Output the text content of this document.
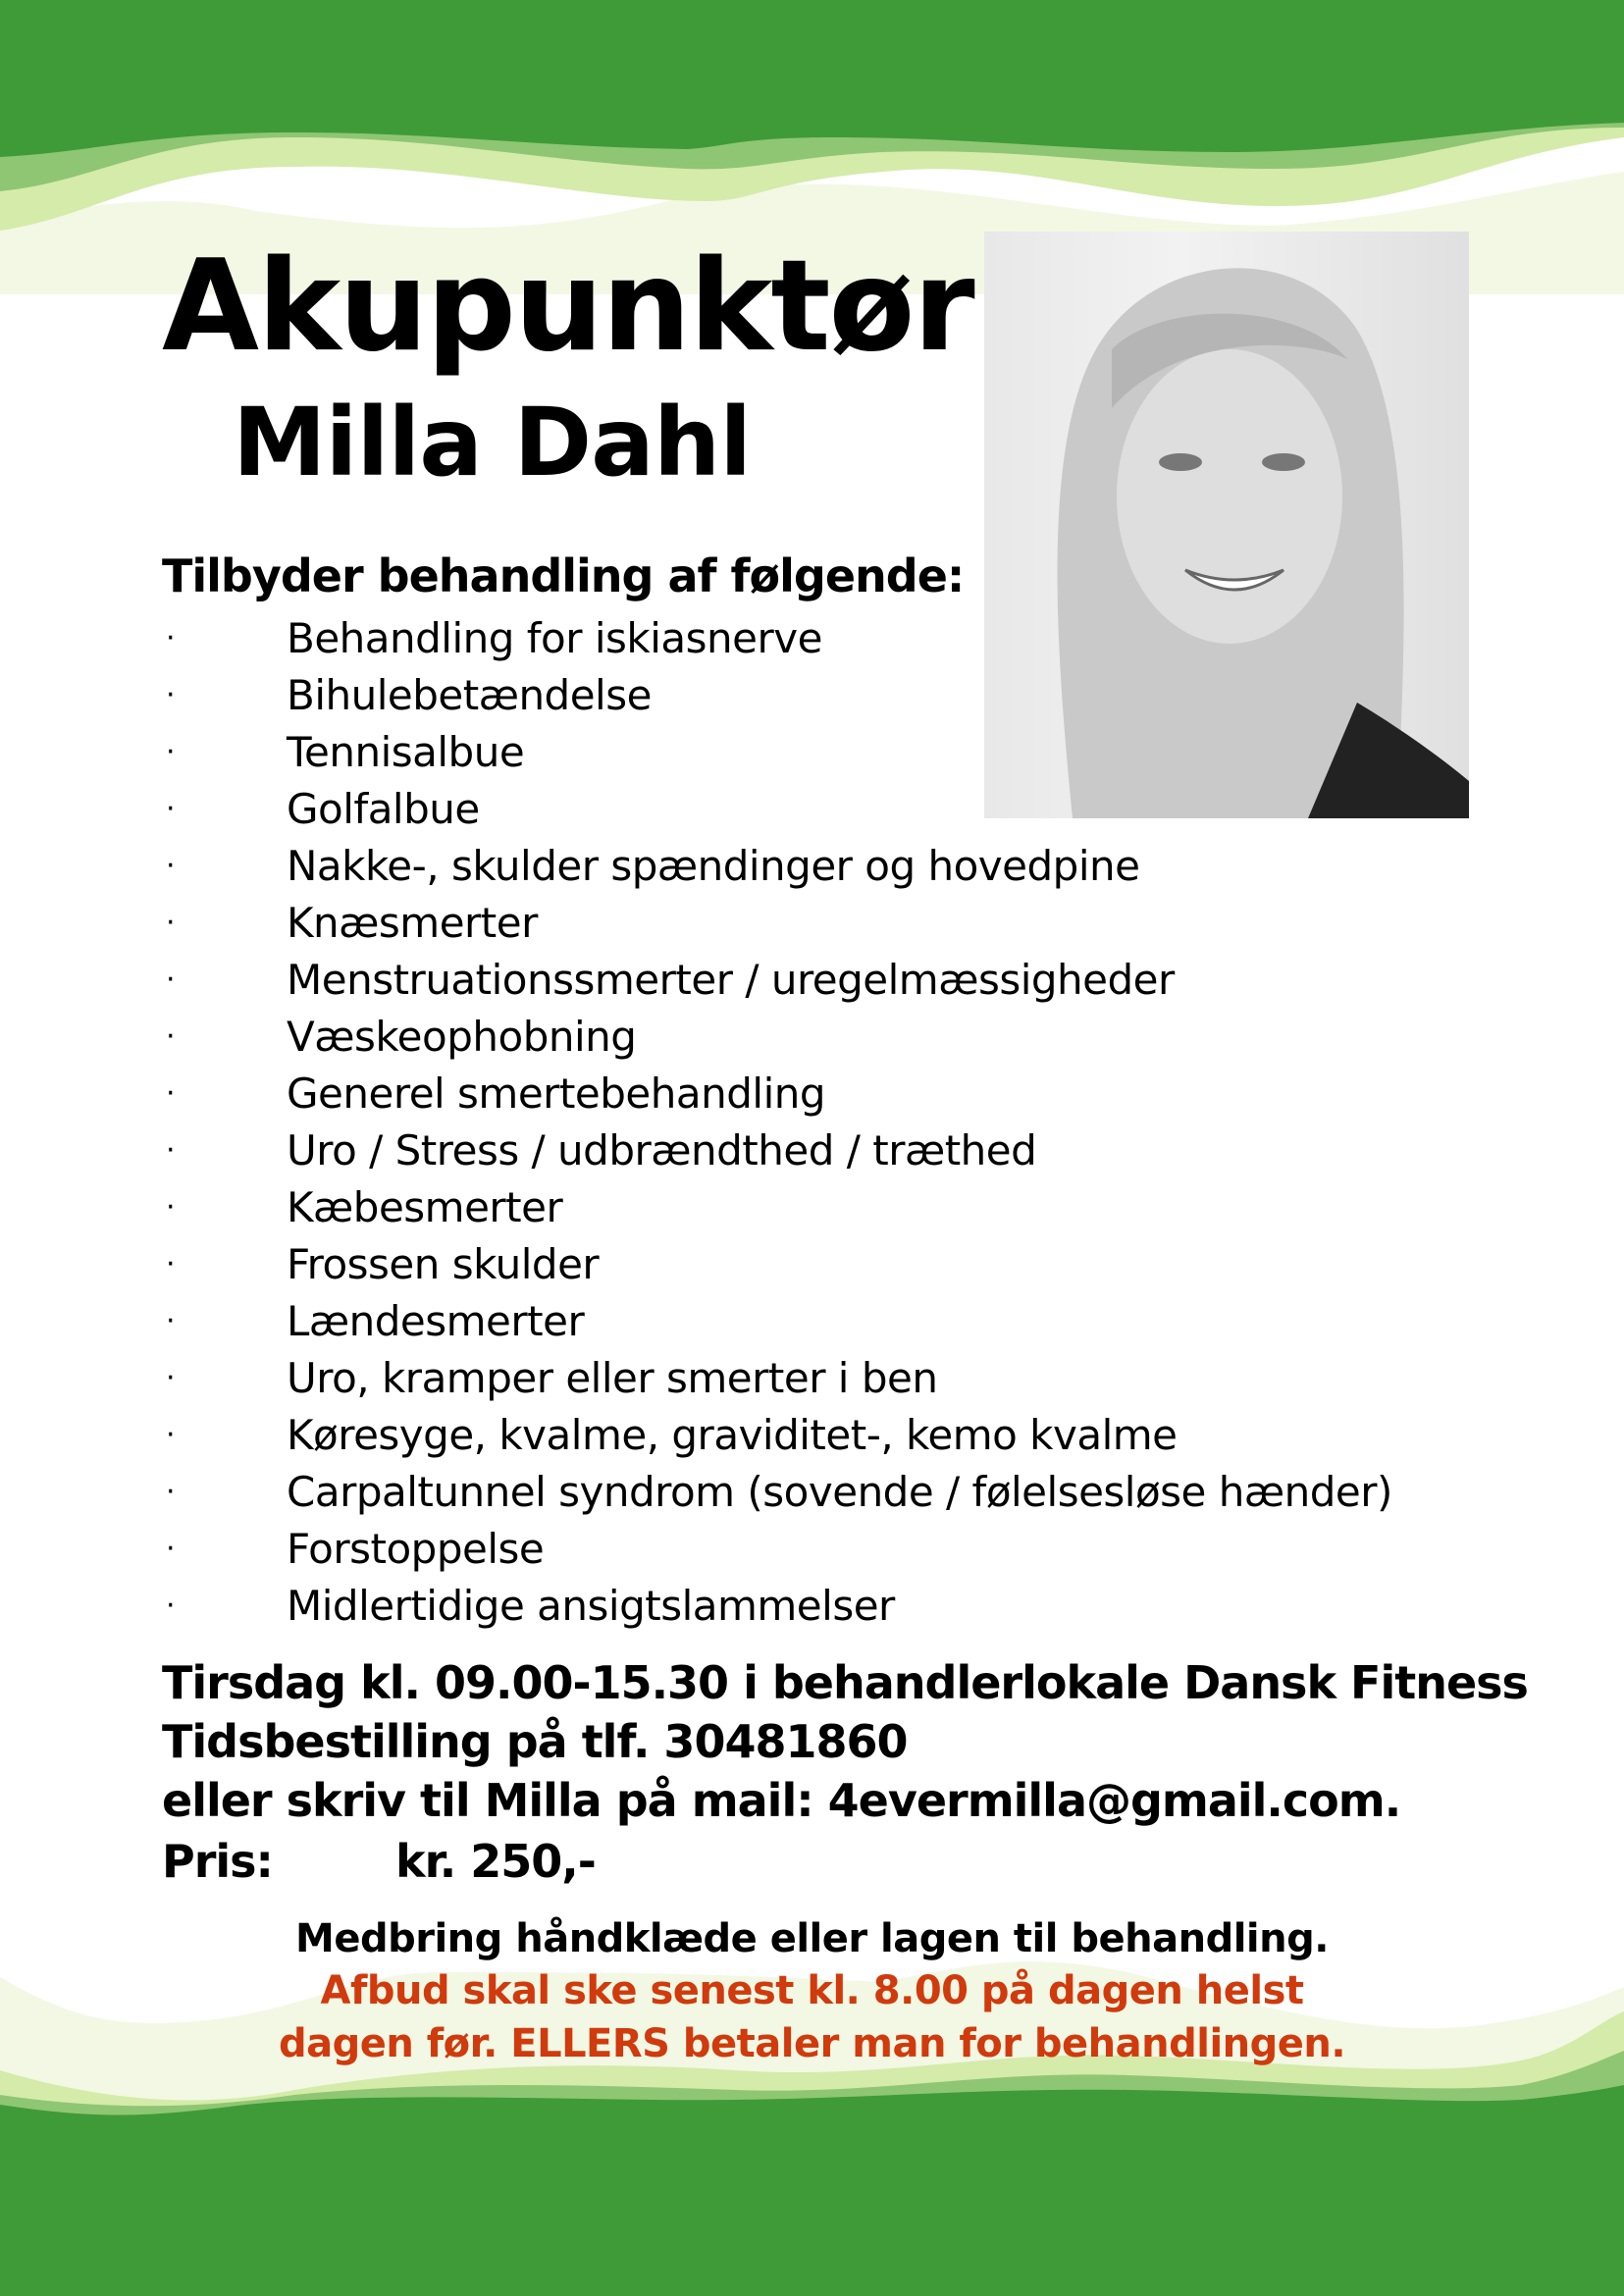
Akupunktør
Milla Dahl
Tilbyder behandling af følgende:
·	Behandling for iskiasnerve
·	Bihulebetændelse
·	Tennisalbue
·	Golfalbue
·	Nakke-, skulder spændinger og hovedpine
·	Knæsmerter
·	Menstruationssmerter / uregelmæssigheder
·	Væskeophobning
·	Generel smertebehandling
·	Uro / Stress / udbrændthed / træthed
·	Kæbesmerter
·	Frossen skulder
·	Lændesmerter
·	Uro, kramper eller smerter i ben
·	Køresyge, kvalme, graviditet-, kemo kvalme
·	Carpaltunnel syndrom (sovende / følelsesløse hænder)
·	Forstoppelse
·	Midlertidige ansigtslammelser
Tirsdag kl. 09.00-15.30 i behandlerlokale Dansk Fitness
Tidsbestilling på tlf. 30481860
eller skriv til Milla på mail: 4evermilla@gmail.com.
Pris:	kr. 250,-
Medbring håndklæde eller lagen til behandling.
Afbud skal ske senest kl. 8.00 på dagen helst
dagen før. ELLERS betaler man for behandlingen.
